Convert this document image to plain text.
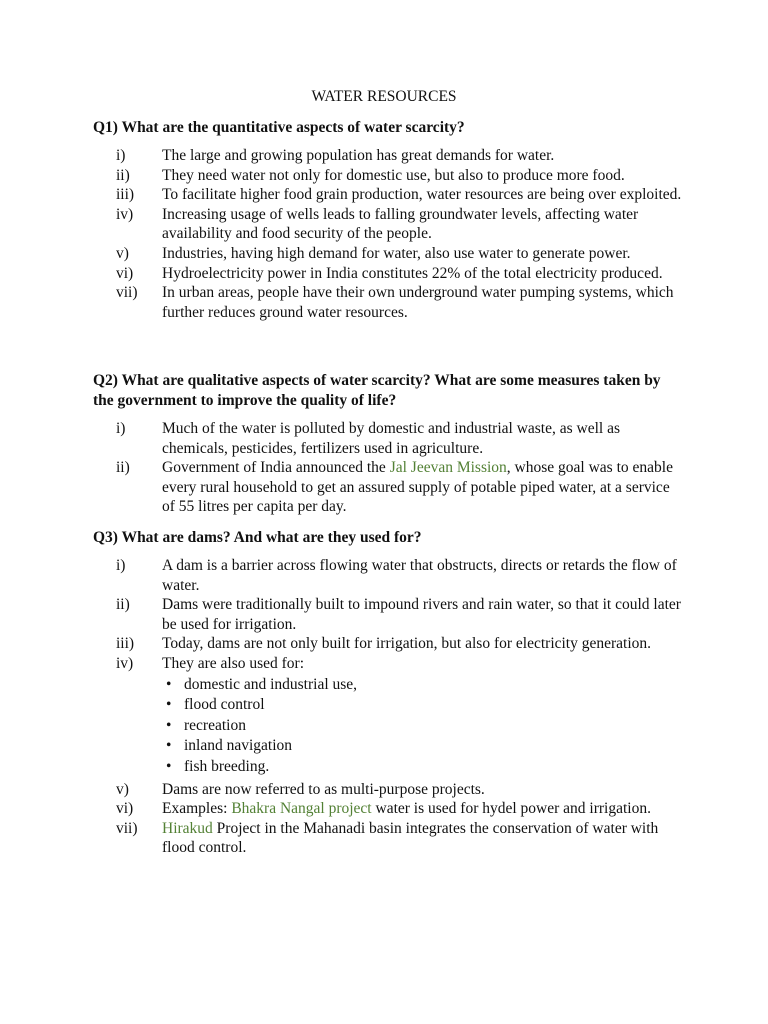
WATER RESOURCES
Q1) What are the quantitative aspects of water scarcity?
i)	The large and growing population has great demands for water.
ii)	They need water not only for domestic use, but also to produce more food.
iii)	To facilitate higher food grain production, water resources are being over exploited.
iv)	Increasing usage of wells leads to falling groundwater levels, affecting water availability and food security of the people.
v)	Industries, having high demand for water, also use water to generate power.
vi)	Hydroelectricity power in India constitutes 22% of the total electricity produced.
vii)	In urban areas, people have their own underground water pumping systems, which further reduces ground water resources.
Q2) What are qualitative aspects of water scarcity? What are some measures taken by the government to improve the quality of life?
i)	Much of the water is polluted by domestic and industrial waste, as well as chemicals, pesticides, fertilizers used in agriculture.
ii)	Government of India announced the Jal Jeevan Mission, whose goal was to enable every rural household to get an assured supply of potable piped water, at a service of 55 litres per capita per day.
Q3) What are dams? And what are they used for?
i)	A dam is a barrier across flowing water that obstructs, directs or retards the flow of water.
ii)	Dams were traditionally built to impound rivers and rain water, so that it could later be used for irrigation.
iii)	Today, dams are not only built for irrigation, but also for electricity generation.
iv)	They are also used for:
• domestic and industrial use,
• flood control
• recreation
• inland navigation
• fish breeding.
v)	Dams are now referred to as multi-purpose projects.
vi)	Examples: Bhakra Nangal project water is used for hydel power and irrigation.
vii)	Hirakud Project in the Mahanadi basin integrates the conservation of water with flood control.
